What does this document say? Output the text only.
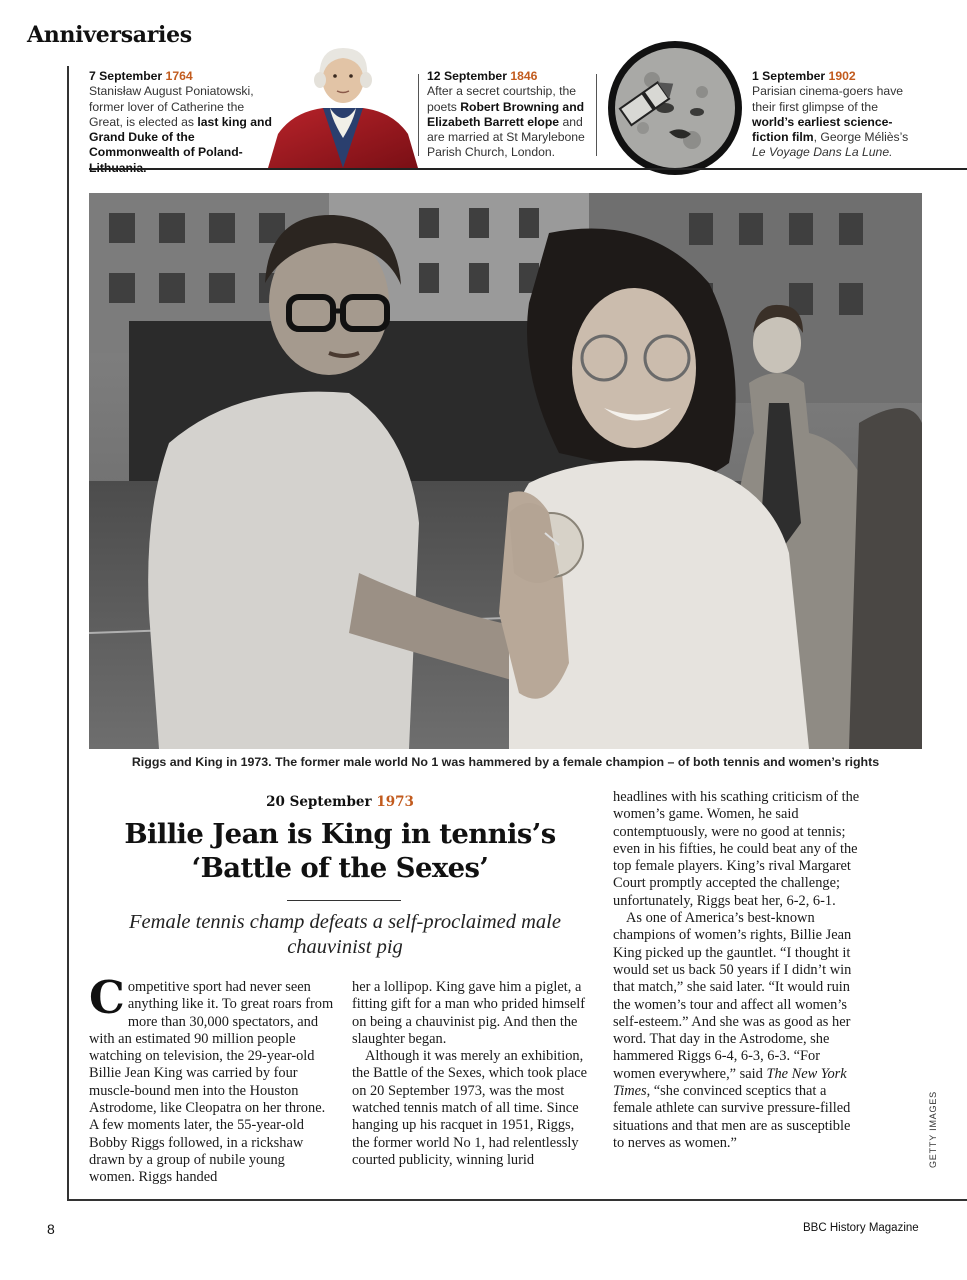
Anniversaries
7 September 1764
Stanisław August Poniatowski, former lover of Catherine the Great, is elected as last king and Grand Duke of the Commonwealth of Poland-
12 September 1846
After a secret courtship, the poets Robert Browning and Elizabeth Barrett elope and are married at St Marylebone Parish Church, London.
1 September 1902
Parisian cinema-goers have their first glimpse of the world’s earliest science-fiction film, George Méliès’s Le Voyage Dans La Lune.
Riggs and King in 1973. The former male world No 1 was hammered by a female champion – of both tennis and women’s rights
20 September 1973
Billie Jean is King in tennis’s ‘Battle of the Sexes’
Female tennis champ defeats a self-proclaimed male chauvinist pig

Competitive sport had never seen anything like it. To great roars from more than 30,000 spectators, and with an estimated 90 million people watching on television, the 29-year-old Billie Jean King was carried by four muscle-bound men into the Houston Astrodome, like Cleopatra on her throne. A few moments later, the 55-year-old Bobby Riggs followed, in a rickshaw drawn by a group of nubile young women. Riggs handed

her a lollipop. King gave him a piglet, a fitting gift for a man who prided himself on being a chauvinist pig. And then the slaughter began.

Although it was merely an exhibition, the Battle of the Sexes, which took place on 20 September 1973, was the most watched tennis match of all time. Since hanging up his racquet in 1951, Riggs, the former world No 1, had relentlessly courted publicity, winning lurid

headlines with his scathing criticism of the women’s game. Women, he said contemptuously, were no good at tennis; even in his fifties, he could beat any of the top female players. King’s rival Margaret Court promptly accepted the challenge; unfortunately, Riggs beat her, 6-2, 6-1.

As one of America’s best-known champions of women’s rights, Billie Jean King picked up the gauntlet. “I thought it would set us back 50 years if I didn’t win that match,” she said later. “It would ruin the women’s tour and affect all women’s self-esteem.” And she was as good as her word. That day in the Astrodome, she hammered Riggs 6-4, 6-3, 6-3. “For women everywhere,” said The New York Times, “she convinced sceptics that a female athlete can survive pressure-filled situations and that men are as susceptible to nerves as women.”	GETTY IMAGES
8	BBC History Magazine
